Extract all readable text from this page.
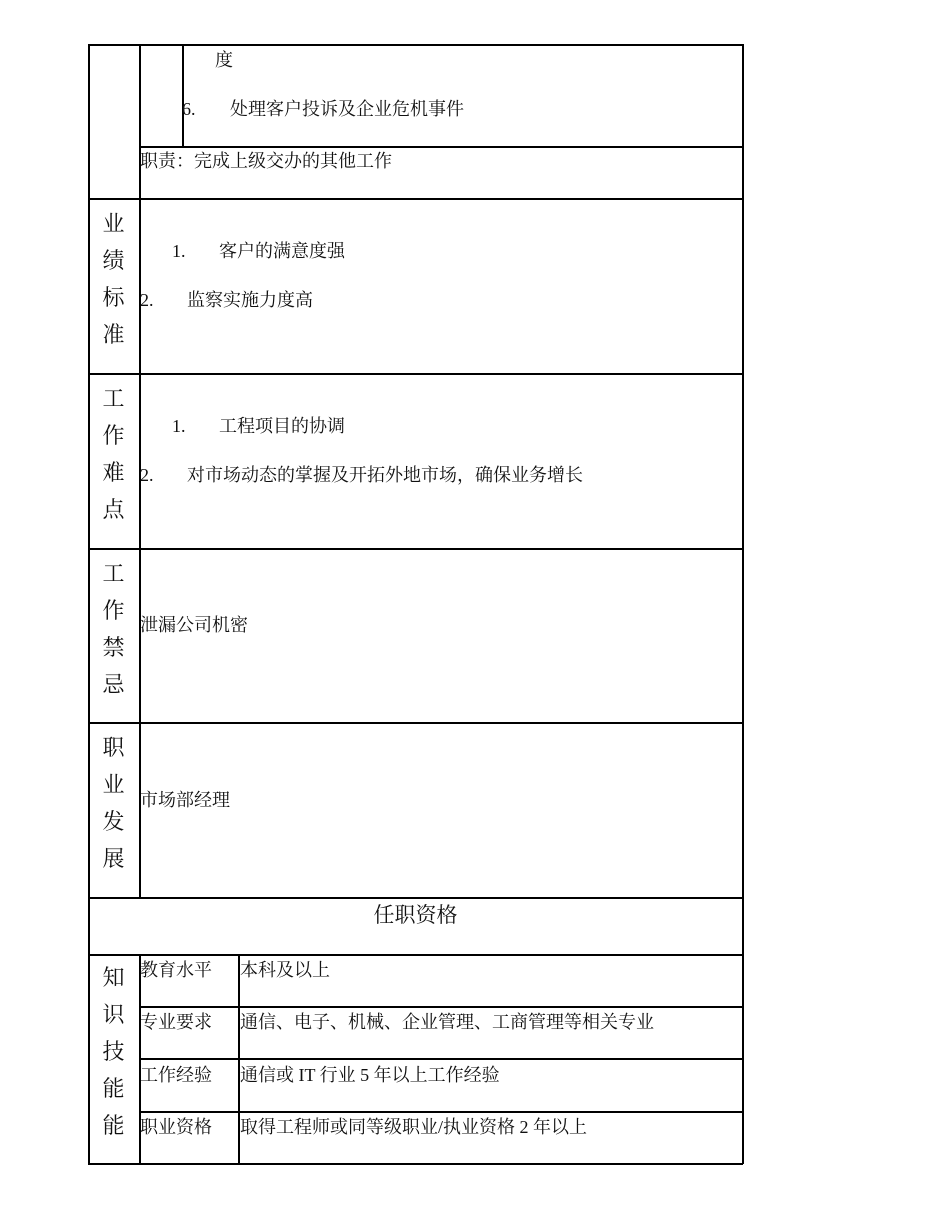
度
6. 处理客户投诉及企业危机事件
职责：完成上级交办的其他工作
业
绩
标
准
1. 客户的满意度强
2. 监察实施力度高
工
作
难
点
1. 工程项目的协调
2. 对市场动态的掌握及开拓外地市场，确保业务增长
工
作
禁
忌
泄漏公司机密
职
业
发
展
市场部经理
任职资格
知
识
技
能
能
教育水平 本科及以上
专业要求 通信、电子、机械、企业管理、工商管理等相关专业
工作经验 通信或 IT 行业 5 年以上工作经验
职业资格 取得工程师或同等级职业/执业资格 2 年以上
